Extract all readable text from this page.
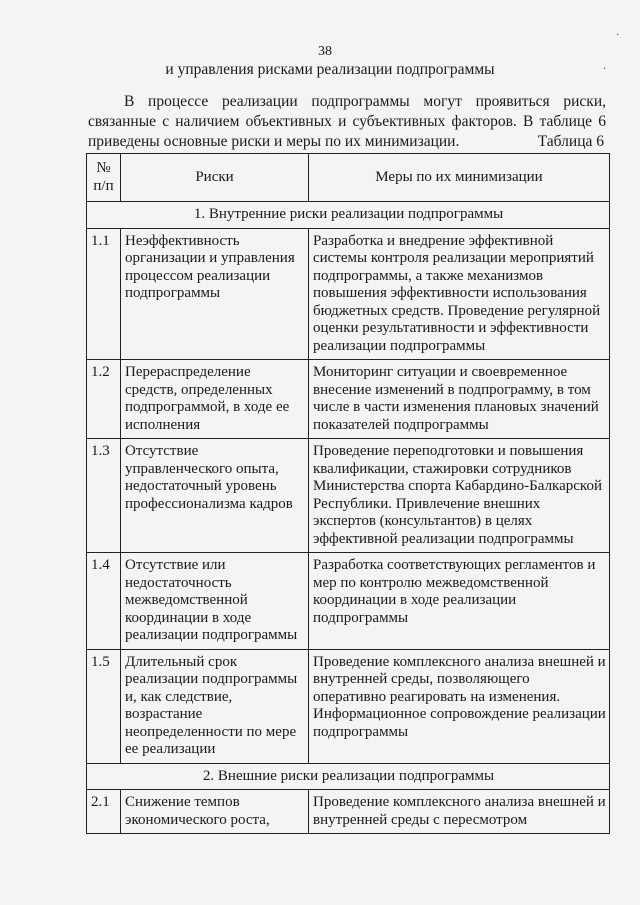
38
и управления рисками реализации подпрограммы

В процессе реализации подпрограммы могут проявиться риски, связанные с наличием объективных и субъективных факторов. В таблице 6 приведены основные риски и меры по их минимизации.	Таблица 6
№ п/п	Риски	Меры по их минимизации
1. Внутренние риски реализации подпрограммы		
1.1	Неэффективность организации и управления процессом реализации подпрограммы	Разработка и внедрение эффективной системы контроля реализации мероприятий подпрограммы, а также механизмов повышения эффективности использования бюджетных средств. Проведение регулярной оценки результативности и эффективности реализации подпрограммы
1.2	Перераспределение средств, определенных подпрограммой, в ходе ее исполнения	Мониторинг ситуации и своевременное внесение изменений в подпрограмму, в том числе в части изменения плановых значений показателей подпрограммы
1.3	Отсутствие управленческого опыта, недостаточный уровень профессионализма кадров	Проведение переподготовки и повышения квалификации, стажировки сотрудников Министерства спорта Кабардино-Балкарской Республики. Привлечение внешних экспертов (консультантов) в целях эффективной реализации подпрограммы
1.4	Отсутствие или недостаточность межведомственной координации в ходе реализации подпрограммы	Разработка соответствующих регламентов и мер по контролю межведомственной координации в ходе реализации подпрограммы
1.5	Длительный срок реализации подпрограммы и, как следствие, возрастание неопределенности по мере ее реализации	Проведение комплексного анализа внешней и внутренней среды, позволяющего оперативно реагировать на изменения. Информационное сопровождение реализации подпрограммы
2. Внешние риски реализации подпрограммы		
2.1	Снижение темпов экономического роста,	Проведение комплексного анализа внешней и внутренней среды с пересмотром
·
·
